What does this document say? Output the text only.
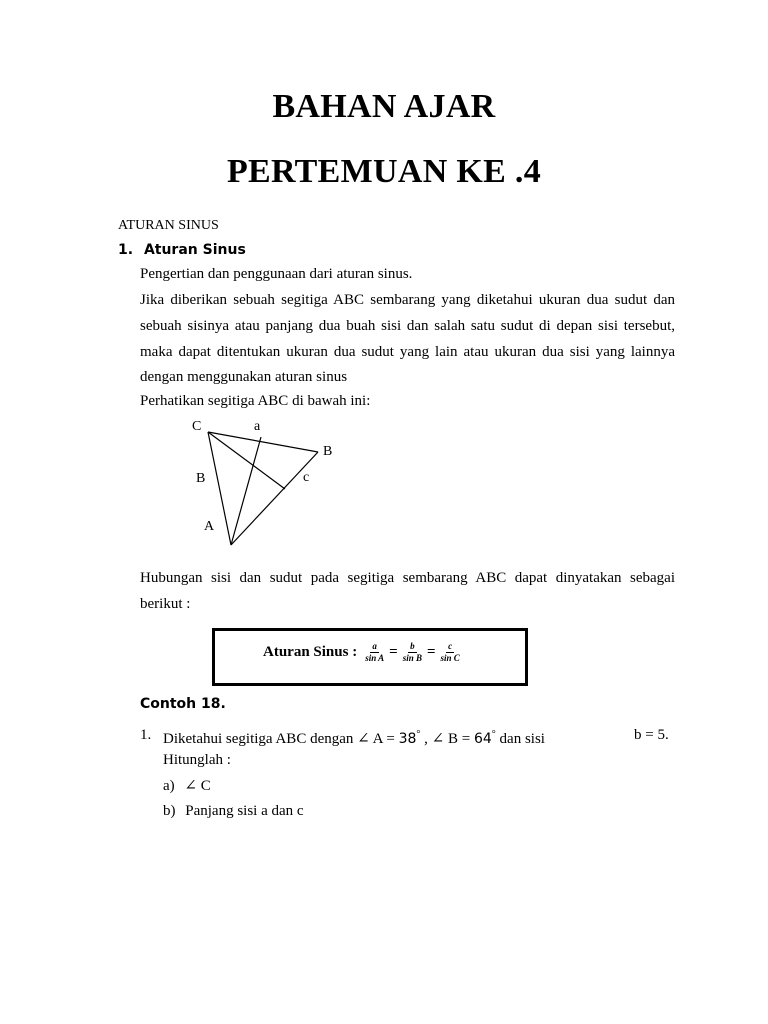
BAHAN AJAR
PERTEMUAN KE .4
ATURAN SINUS
1. Aturan Sinus
Pengertian dan penggunaan dari aturan sinus.
Jika diberikan sebuah segitiga ABC sembarang yang diketahui ukuran dua sudut dan
sebuah sisinya atau panjang dua buah sisi dan salah satu sudut di depan sisi tersebut,
maka dapat ditentukan ukuran dua sudut yang lain atau ukuran dua sisi yang lainnya
dengan menggunakan aturan sinus
Perhatikan segitiga ABC di bawah ini:
C	a
B
B	c
A
Hubungan sisi dan sudut pada segitiga sembarang ABC dapat dinyatakan sebagai
berikut :
Aturan Sinus : $\frac{a}{\text{sin A}} = \frac{b}{\text{sin B}} = \frac{c}{\text{sin C}}$
Contoh 18.
1. Diketahui segitiga ABC dengan ∠ A = 38° , ∠ B = 64° dan sisi	b = 5.
Hitunglah :
a) ∠ C
b) Panjang sisi a dan c
